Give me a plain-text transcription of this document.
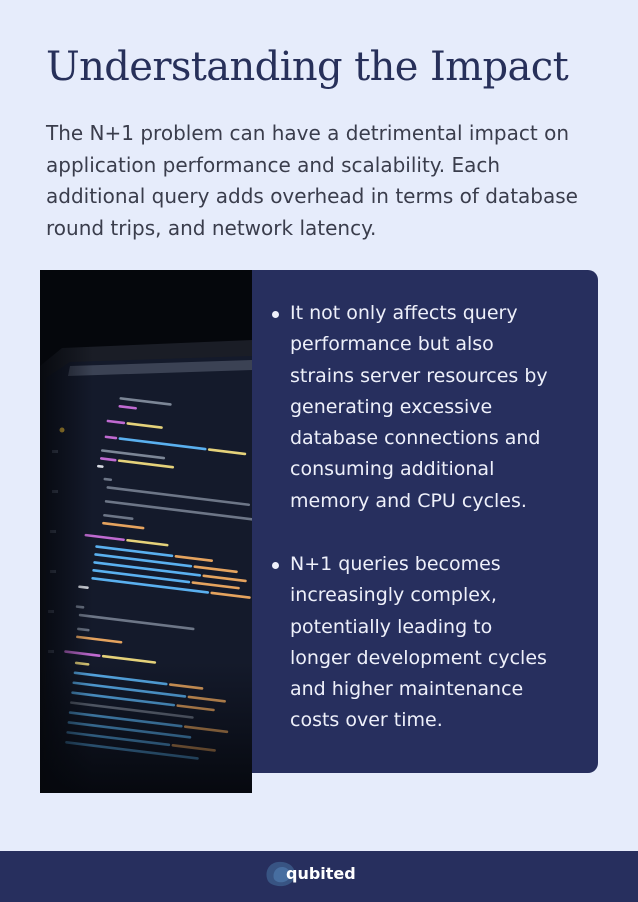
Understanding the Impact

The N+1 problem can have a detrimental impact on
application performance and scalability. Each
additional query adds overhead in terms of database
round trips, and network latency.

It not only affects query
performance but also
strains server resources by
generating excessive
database connections and
consuming additional
memory and CPU cycles.

N+1 queries becomes
increasingly complex,
potentially leading to
longer development cycles
and higher maintenance
costs over time.

qubited
